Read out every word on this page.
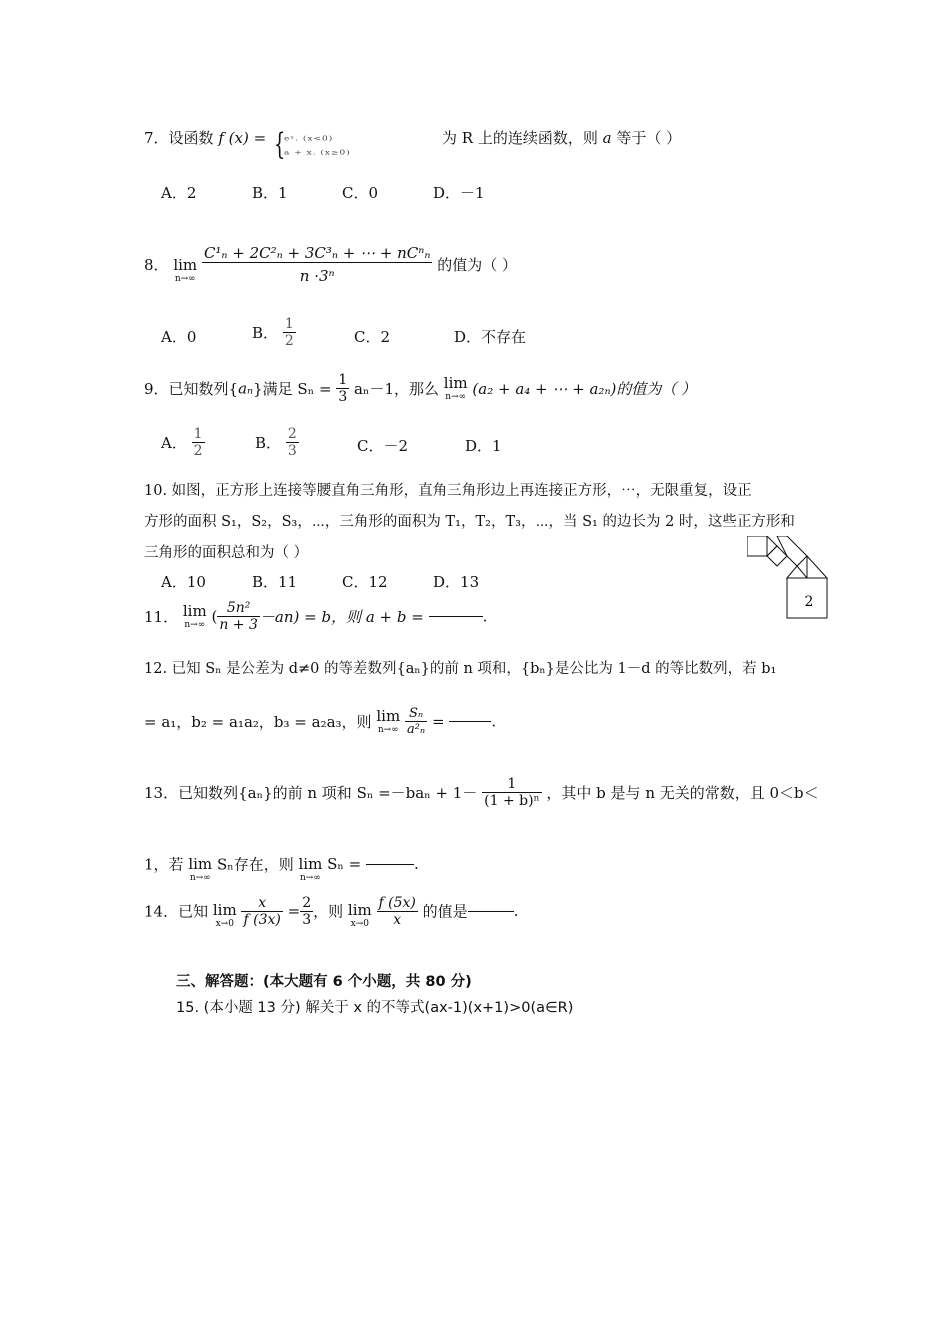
7．设函数 f (x) = {
eˣ. (x<0)
a + x. (x≥0)
为 R 上的连续函数，则 a 等于（ ）
A．2	B．1	C．0	D．－1
8． lim
n→∞
$\frac{\text{C¹ₙ + 2C²ₙ + 3C³ₙ + ⋯ + nCⁿₙ}}{\text{n ·3ⁿ}}$ 的值为（ ）
A．0	B． $\frac{1}{2}$	C．2	D．不存在
9．已知数列{aₙ}满足 $S_n = \frac{1}{3} a_n-1$，那么 lim
n→∞ (a₂ + a₄ + ⋯ + a₂ₙ)的值为（ ）
A． $\frac{1}{2}$	B． $\frac{2}{3}$	C．－2	D．1
10. 如图，正方形上连接等腰直角三角形，直角三角形边上再连接正方形，⋯，无限重复，设正
方形的面积 S₁，S₂，S₃，⋯，三角形的面积为 T₁，T₂，T₃，⋯，当 S₁ 的边长为 2 时，这些正方形和
三角形的面积总和为（ ）
A．10	B．11	C．12	D．13
2
11． lim
n→∞ ( $\frac{\text{5n²}}{n + 3} -an) = b$，则 a + b =	.
12. 已知 Sₙ 是公差为 d≠0 的等差数列{aₙ}的前 n 项和，{bₙ}是公比为 1－d 的等比数列，若 b₁
= a₁，b₂ = a₁a₂，b₃ = a₂a₃，则 lim
n→∞
$\frac{\text{Sₙ}}{\text{a²ₙ}}$ =	.
13．已知数列{aₙ}的前 n 项和 $S_n =-ba_n + 1- \frac{1}{\text{(1 + b)ⁿ}}$ ，其中 b 是与 n 无关的常数，且 0＜b＜
1，若 lim
n→∞
Sₙ存在，则 lim
n→∞
Sₙ =	.
14．已知 lim
x→0
$\frac{x}{f (3x)} = \frac{2}{3}$ ，则 lim
x→0
$\frac{f (5x)}{x}$ 的值是	.
三、解答题：(本大题有 6 个小题，共 80 分)
15. (本小题 13 分) 解关于 x 的不等式(ax-1)(x+1)>0(a∈R)
